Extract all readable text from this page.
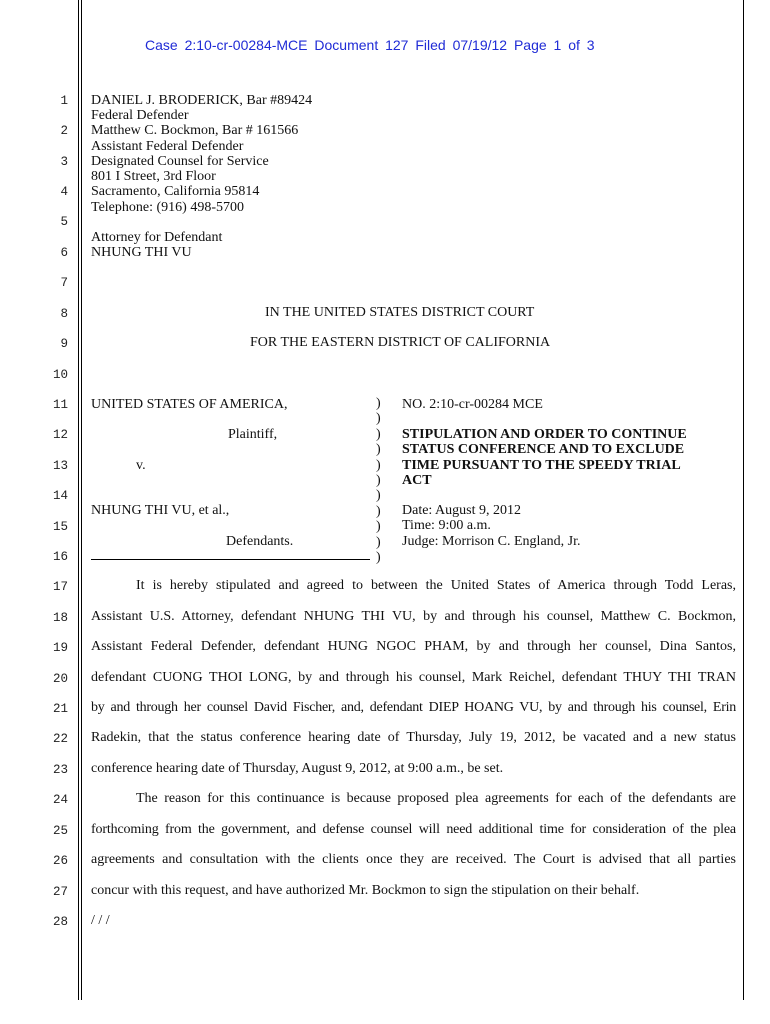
Case 2:10-cr-00284-MCE Document 127 Filed 07/19/12 Page 1 of 3
1
2
3
4
5
6
7
8
9
10
11
12
13
14
15
16
17
18
19
20
21
22
23
24
25
26
27
28
DANIEL J. BRODERICK, Bar #89424
Federal Defender
Matthew C. Bockmon, Bar # 161566
Assistant Federal Defender
Designated Counsel for Service
801 I Street, 3rd Floor
Sacramento, California 95814
Telephone: (916) 498-5700
Attorney for Defendant
NHUNG THI VU
IN THE UNITED STATES DISTRICT COURT
FOR THE EASTERN DISTRICT OF CALIFORNIA
UNITED STATES OF AMERICA,
Plaintiff,
v.
NHUNG THI VU, et al.,
Defendants.
)
)
)
)
)
)
)
)
)
)
)
NO. 2:10-cr-00284 MCE
STIPULATION AND ORDER TO CONTINUE
STATUS CONFERENCE AND TO EXCLUDE
TIME PURSUANT TO THE SPEEDY TRIAL
ACT
Date: August 9, 2012
Time: 9:00 a.m.
Judge: Morrison C. England, Jr.
It is hereby stipulated and agreed to between the United States of America through Todd Leras,
Assistant U.S. Attorney, defendant NHUNG THI VU, by and through his counsel, Matthew C. Bockmon,
Assistant Federal Defender, defendant HUNG NGOC PHAM, by and through her counsel, Dina Santos,
defendant CUONG THOI LONG, by and through his counsel, Mark Reichel, defendant THUY THI TRAN
by and through her counsel David Fischer, and, defendant DIEP HOANG VU, by and through his counsel, Erin
Radekin, that the status conference hearing date of Thursday, July 19, 2012, be vacated and a new status
conference hearing date of Thursday, August 9, 2012, at 9:00 a.m., be set.
The reason for this continuance is because proposed plea agreements for each of the defendants are
forthcoming from the government, and defense counsel will need additional time for consideration of the plea
agreements and consultation with the clients once they are received. The Court is advised that all parties
concur with this request, and have authorized Mr. Bockmon to sign the stipulation on their behalf.
/ / /
